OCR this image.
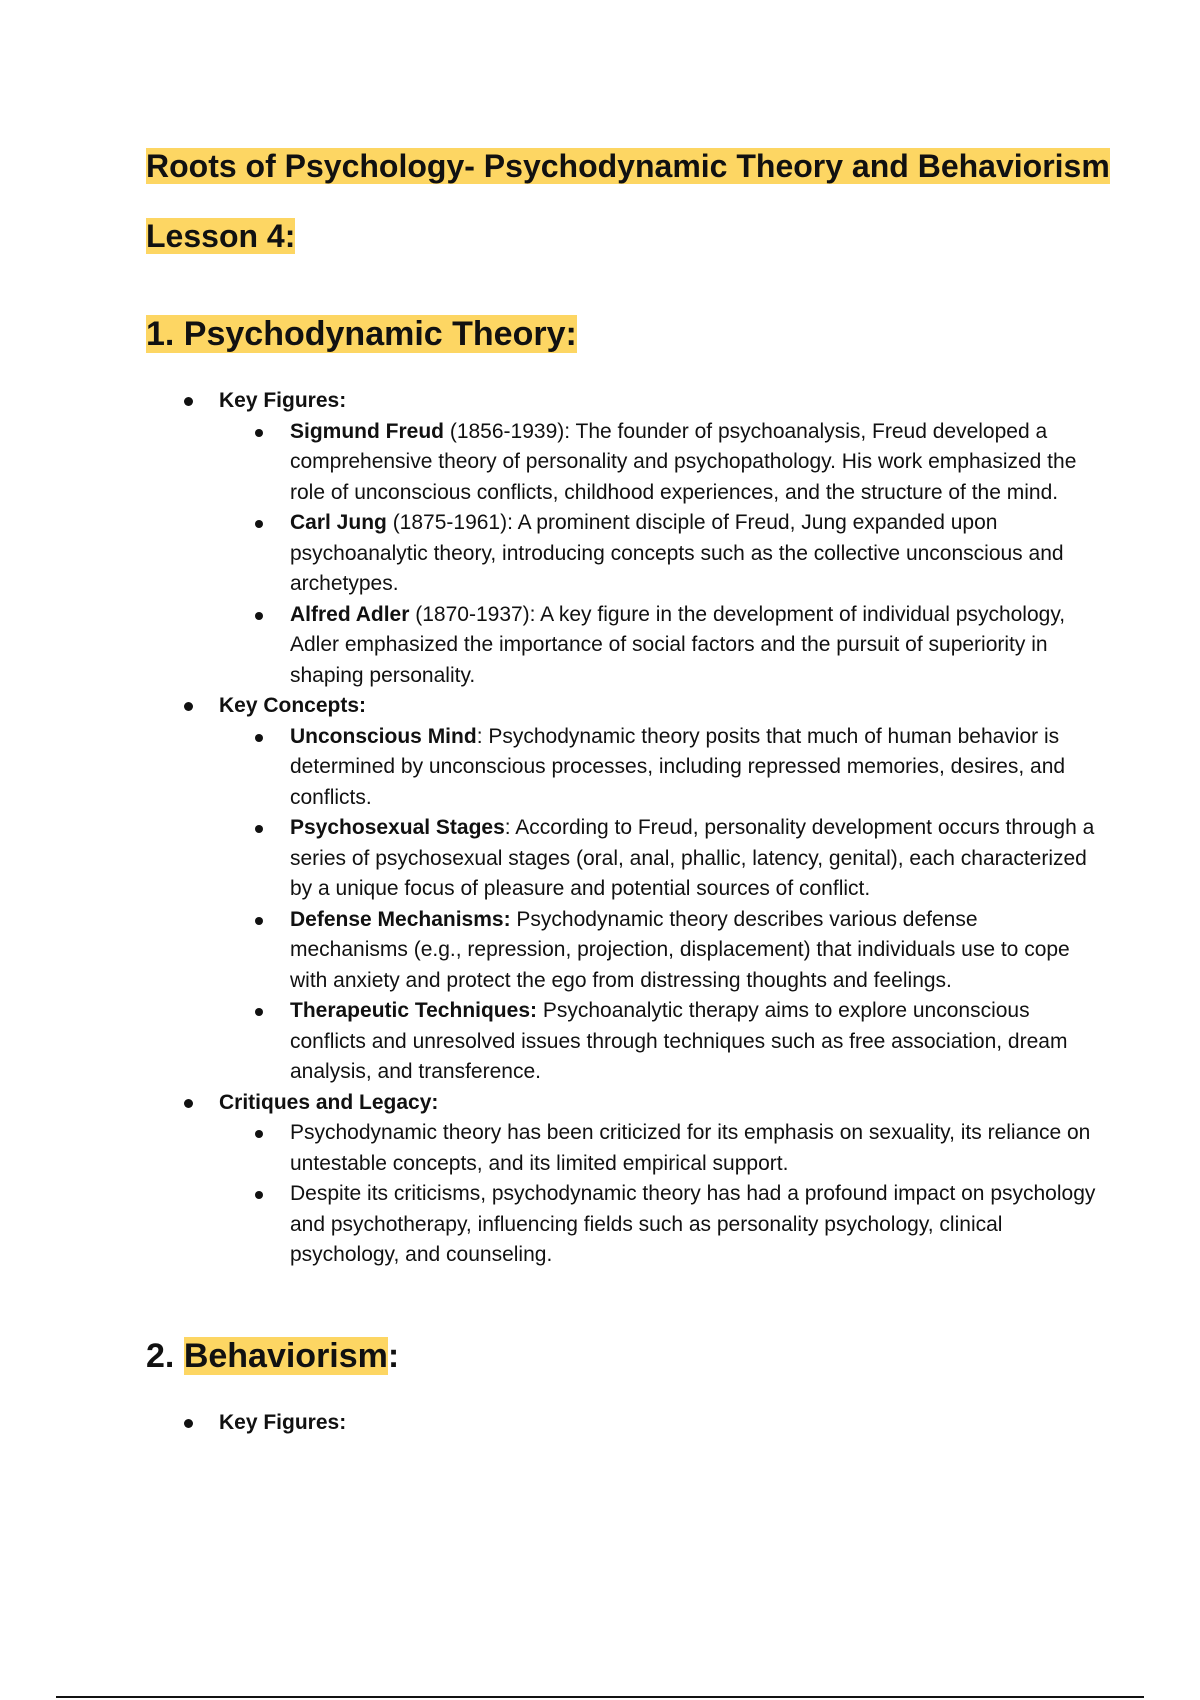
Roots of Psychology- Psychodynamic Theory and Behaviorism
Lesson 4:
1. Psychodynamic Theory:
Key Figures:
Sigmund Freud (1856-1939): The founder of psychoanalysis, Freud developed a comprehensive theory of personality and psychopathology. His work emphasized the role of unconscious conflicts, childhood experiences, and the structure of the mind.
Carl Jung (1875-1961): A prominent disciple of Freud, Jung expanded upon psychoanalytic theory, introducing concepts such as the collective unconscious and archetypes.
Alfred Adler (1870-1937): A key figure in the development of individual psychology, Adler emphasized the importance of social factors and the pursuit of superiority in shaping personality.
Key Concepts:
Unconscious Mind: Psychodynamic theory posits that much of human behavior is determined by unconscious processes, including repressed memories, desires, and conflicts.
Psychosexual Stages: According to Freud, personality development occurs through a series of psychosexual stages (oral, anal, phallic, latency, genital), each characterized by a unique focus of pleasure and potential sources of conflict.
Defense Mechanisms: Psychodynamic theory describes various defense mechanisms (e.g., repression, projection, displacement) that individuals use to cope with anxiety and protect the ego from distressing thoughts and feelings.
Therapeutic Techniques: Psychoanalytic therapy aims to explore unconscious conflicts and unresolved issues through techniques such as free association, dream analysis, and transference.
Critiques and Legacy:
Psychodynamic theory has been criticized for its emphasis on sexuality, its reliance on untestable concepts, and its limited empirical support.
Despite its criticisms, psychodynamic theory has had a profound impact on psychology and psychotherapy, influencing fields such as personality psychology, clinical psychology, and counseling.
2. Behaviorism:
Key Figures:
